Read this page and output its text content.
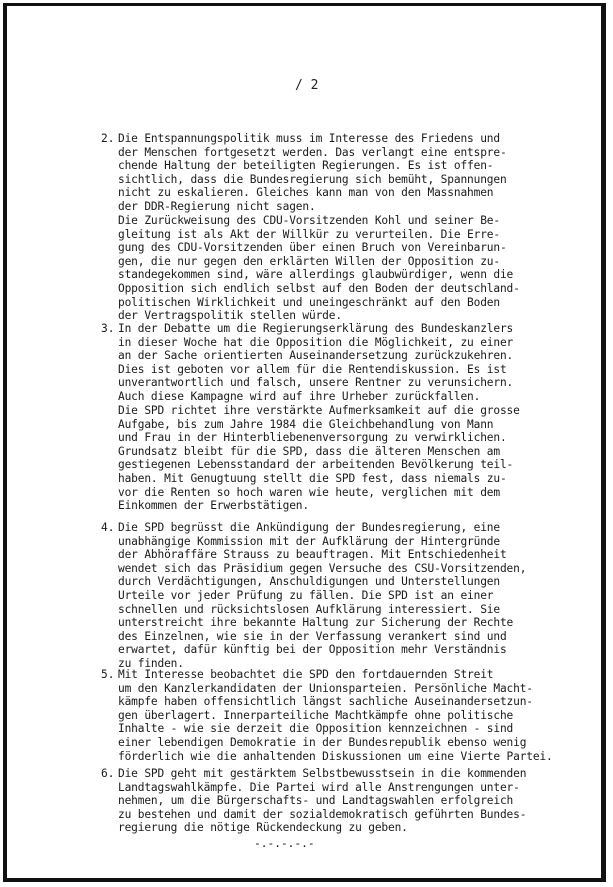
/ 2
2. Die Entspannungspolitik muss im Interesse des Friedens und
der Menschen fortgesetzt werden. Das verlangt eine entspre-
chende Haltung der beteiligten Regierungen. Es ist offen-
sichtlich, dass die Bundesregierung sich bemüht, Spannungen
nicht zu eskalieren. Gleiches kann man von den Massnahmen
der DDR-Regierung nicht sagen.

Die Zurückweisung des CDU-Vorsitzenden Kohl und seiner Be-
gleitung ist als Akt der Willkür zu verurteilen. Die Erre-
gung des CDU-Vorsitzenden über einen Bruch von Vereinbarun-
gen, die nur gegen den erklärten Willen der Opposition zu-
standegekommen sind, wäre allerdings glaubwürdiger, wenn die
Opposition sich endlich selbst auf den Boden der deutschland-
politischen Wirklichkeit und uneingeschränkt auf den Boden
der Vertragspolitik stellen würde.

3. In der Debatte um die Regierungserklärung des Bundeskanzlers
in dieser Woche hat die Opposition die Möglichkeit, zu einer
an der Sache orientierten Auseinandersetzung zurückzukehren.
Dies ist geboten vor allem für die Rentendiskussion. Es ist
unverantwortlich und falsch, unsere Rentner zu verunsichern.
Auch diese Kampagne wird auf ihre Urheber zurückfallen.

Die SPD richtet ihre verstärkte Aufmerksamkeit auf die grosse
Aufgabe, bis zum Jahre 1984 die Gleichbehandlung von Mann
und Frau in der Hinterbliebenenversorgung zu verwirklichen.
Grundsatz bleibt für die SPD, dass die älteren Menschen am
gestiegenen Lebensstandard der arbeitenden Bevölkerung teil-
haben. Mit Genugtuung stellt die SPD fest, dass niemals zu-
vor die Renten so hoch waren wie heute, verglichen mit dem
Einkommen der Erwerbstätigen.

4. Die SPD begrüsst die Ankündigung der Bundesregierung, eine
unabhängige Kommission mit der Aufklärung der Hintergründe
der Abhöraffäre Strauss zu beauftragen. Mit Entschiedenheit
wendet sich das Präsidium gegen Versuche des CSU-Vorsitzenden,
durch Verdächtigungen, Anschuldigungen und Unterstellungen
Urteile vor jeder Prüfung zu fällen. Die SPD ist an einer
schnellen und rücksichtslosen Aufklärung interessiert. Sie
unterstreicht ihre bekannte Haltung zur Sicherung der Rechte
des Einzelnen, wie sie in der Verfassung verankert sind und
erwartet, dafür künftig bei der Opposition mehr Verständnis
zu finden.

5. Mit Interesse beobachtet die SPD den fortdauernden Streit
um den Kanzlerkandidaten der Unionsparteien. Persönliche Macht-
kämpfe haben offensichtlich längst sachliche Auseinandersetzun-
gen überlagert. Innerparteiliche Machtkämpfe ohne politische
Inhalte - wie sie derzeit die Opposition kennzeichnen - sind
einer lebendigen Demokratie in der Bundesrepublik ebenso wenig
förderlich wie die anhaltenden Diskussionen um eine Vierte Partei.

6. Die SPD geht mit gestärktem Selbstbewusstsein in die kommenden
Landtagswahlkämpfe. Die Partei wird alle Anstrengungen unter-
nehmen, um die Bürgerschafts- und Landtagswahlen erfolgreich
zu bestehen und damit der sozialdemokratisch geführten Bundes-
regierung die nötige Rückendeckung zu geben.

-.-.-.-.-
